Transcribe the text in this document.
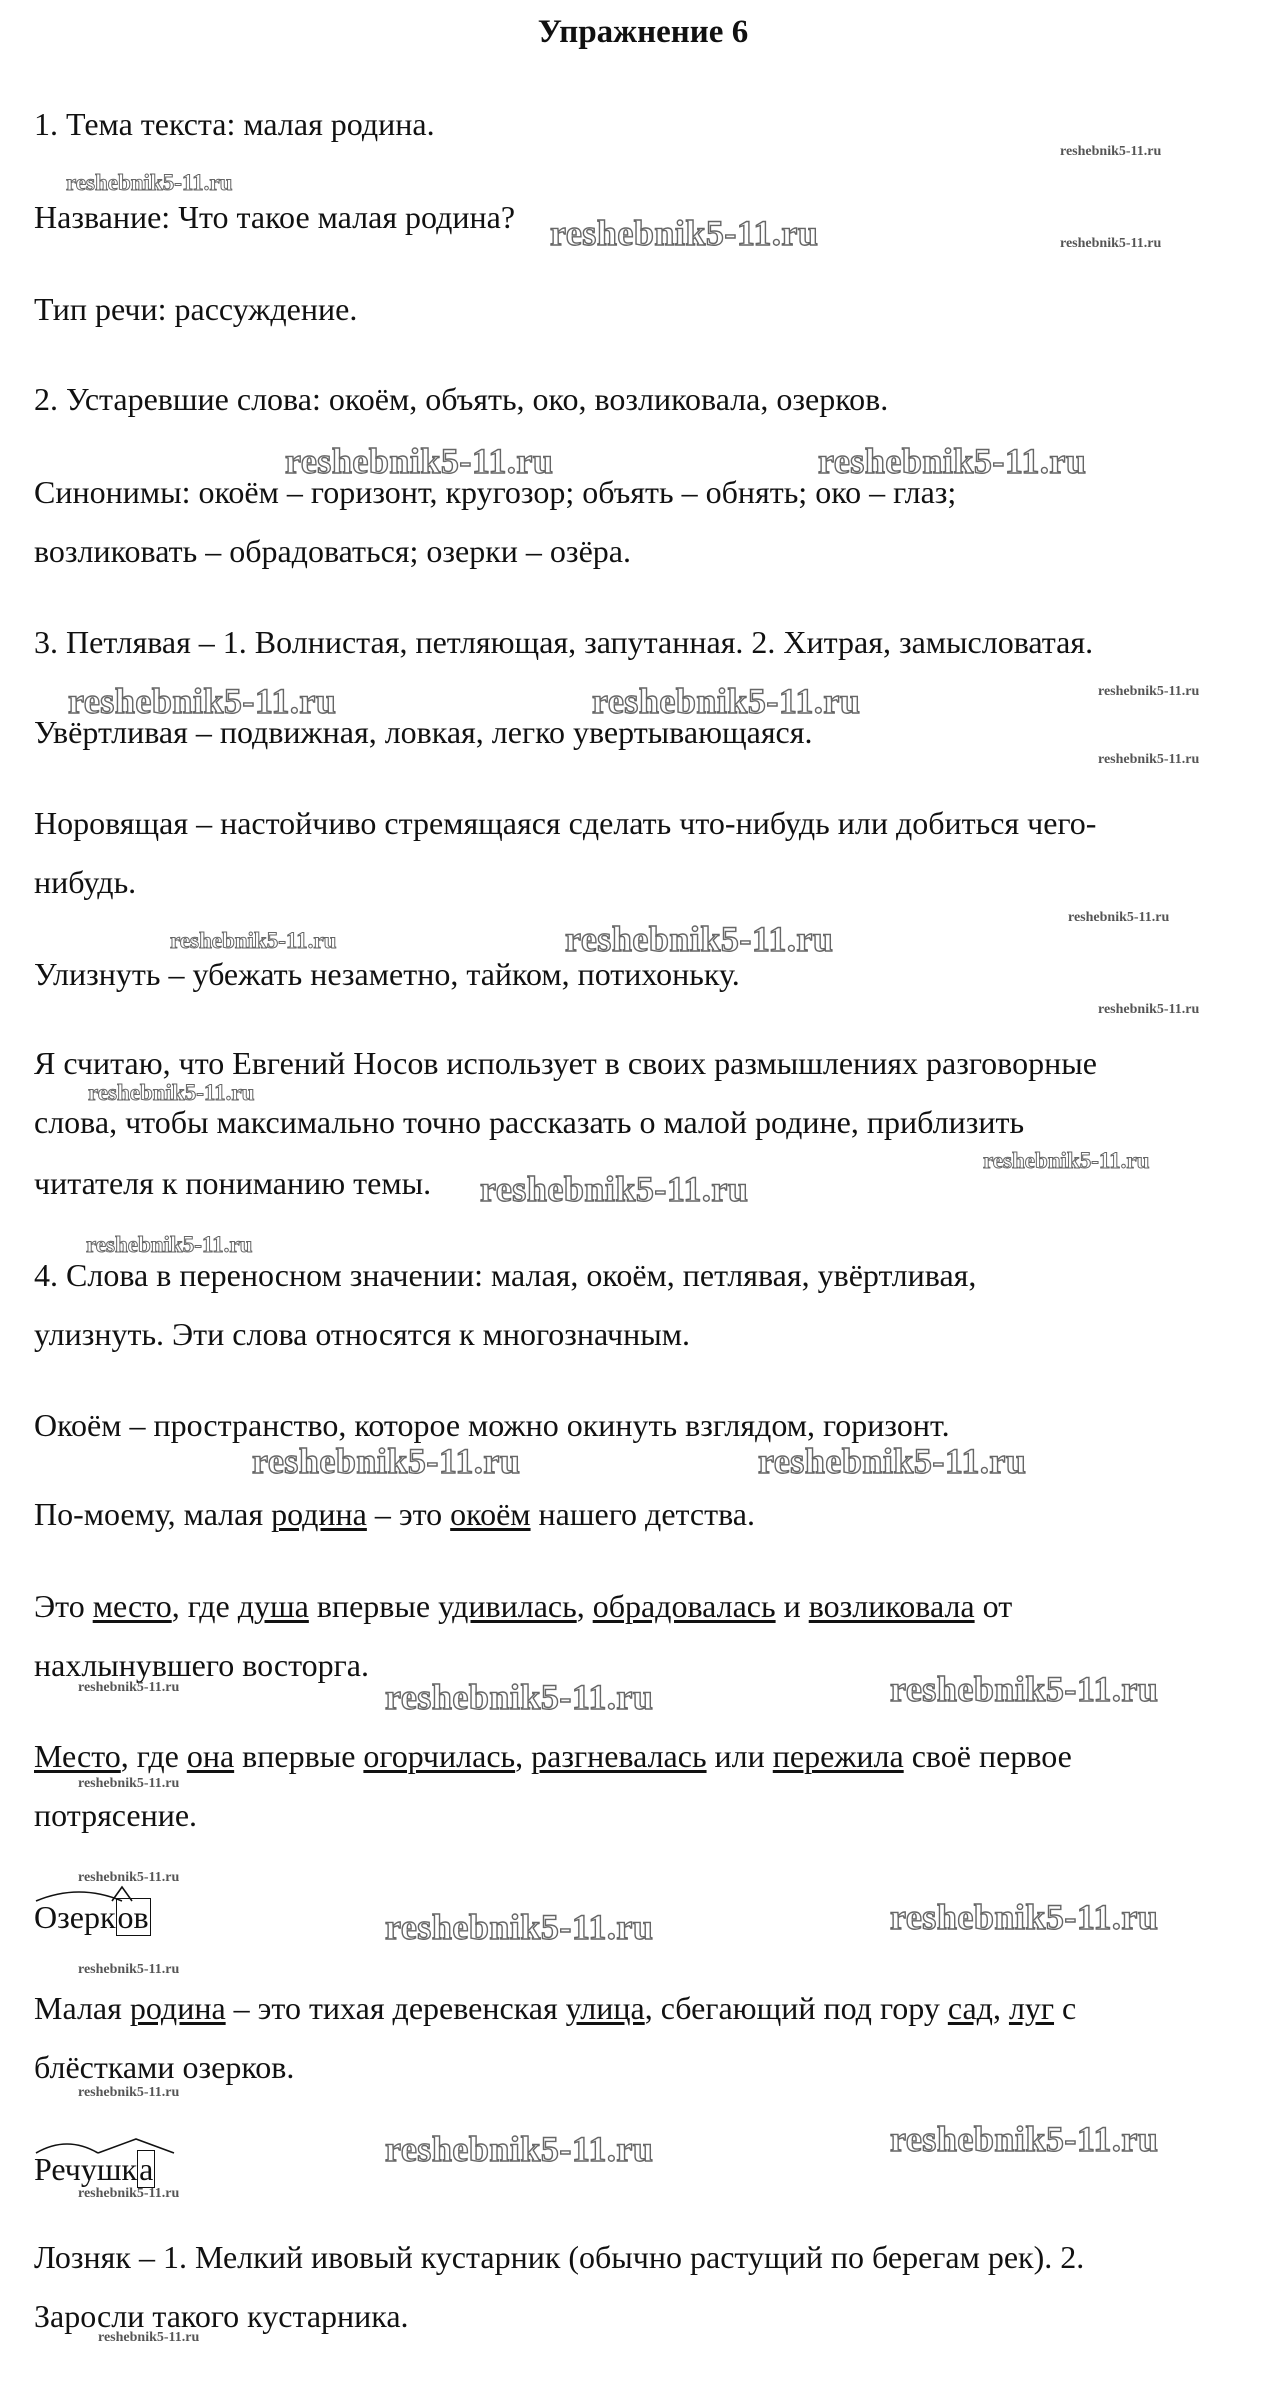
Упражнение 6
1. Тема текста: малая родина.
Название: Что такое малая родина?
Тип речи: рассуждение.
2. Устаревшие слова: окоём, объять, око, возликовала, озерков.
Синонимы: окоём – горизонт, кругозор; объять – обнять; око – глаз;
возликовать – обрадоваться; озерки – озёра.
3. Петлявая – 1. Волнистая, петляющая, запутанная. 2. Хитрая, замысловатая.
Увёртливая – подвижная, ловкая, легко увертывающаяся.
Норовящая – настойчиво стремящаяся сделать что-нибудь или добиться чего-
нибудь.
Улизнуть – убежать незаметно, тайком, потихоньку.
Я считаю, что Евгений Носов использует в своих размышлениях разговорные
слова, чтобы максимально точно рассказать о малой родине, приблизить
читателя к пониманию темы.
4. Слова в переносном значении: малая, окоём, петлявая, увёртливая,
улизнуть. Эти слова относятся к многозначным.
Окоём – пространство, которое можно окинуть взглядом, горизонт.
По-моему, малая родина – это окоём нашего детства.
Это место, где душа впервые удивилась, обрадовалась и возликовала от
нахлынувшего восторга.
Место, где она впервые огорчилась, разгневалась или пережила своё первое
потрясение.
Озерков
Малая родина – это тихая деревенская улица, сбегающий под гору сад, луг с
блёстками озерков.
Речушка
Лозняк – 1. Мелкий ивовый кустарник (обычно растущий по берегам рек). 2.
Заросли такого кустарника.
reshebnik5-11.ru
reshebnik5-11.ru
reshebnik5-11.ru	reshebnik5-11.ru
reshebnik5-11.ru	reshebnik5-11.ru
reshebnik5-11.ru	reshebnik5-11.ru	reshebnik5-11.ru
reshebnik5-11.ru
reshebnik5-11.ru
reshebnik5-11.ru	reshebnik5-11.ru
reshebnik5-11.ru
reshebnik5-11.ru
reshebnik5-11.ru
reshebnik5-11.ru
reshebnik5-11.ru
reshebnik5-11.ru	reshebnik5-11.ru
reshebnik5-11.ru	reshebnik5-11.ru	reshebnik5-11.ru
reshebnik5-11.ru
reshebnik5-11.ru
reshebnik5-11.ru	reshebnik5-11.ru
reshebnik5-11.ru
reshebnik5-11.ru
reshebnik5-11.ru	reshebnik5-11.ru
reshebnik5-11.ru
reshebnik5-11.ru
